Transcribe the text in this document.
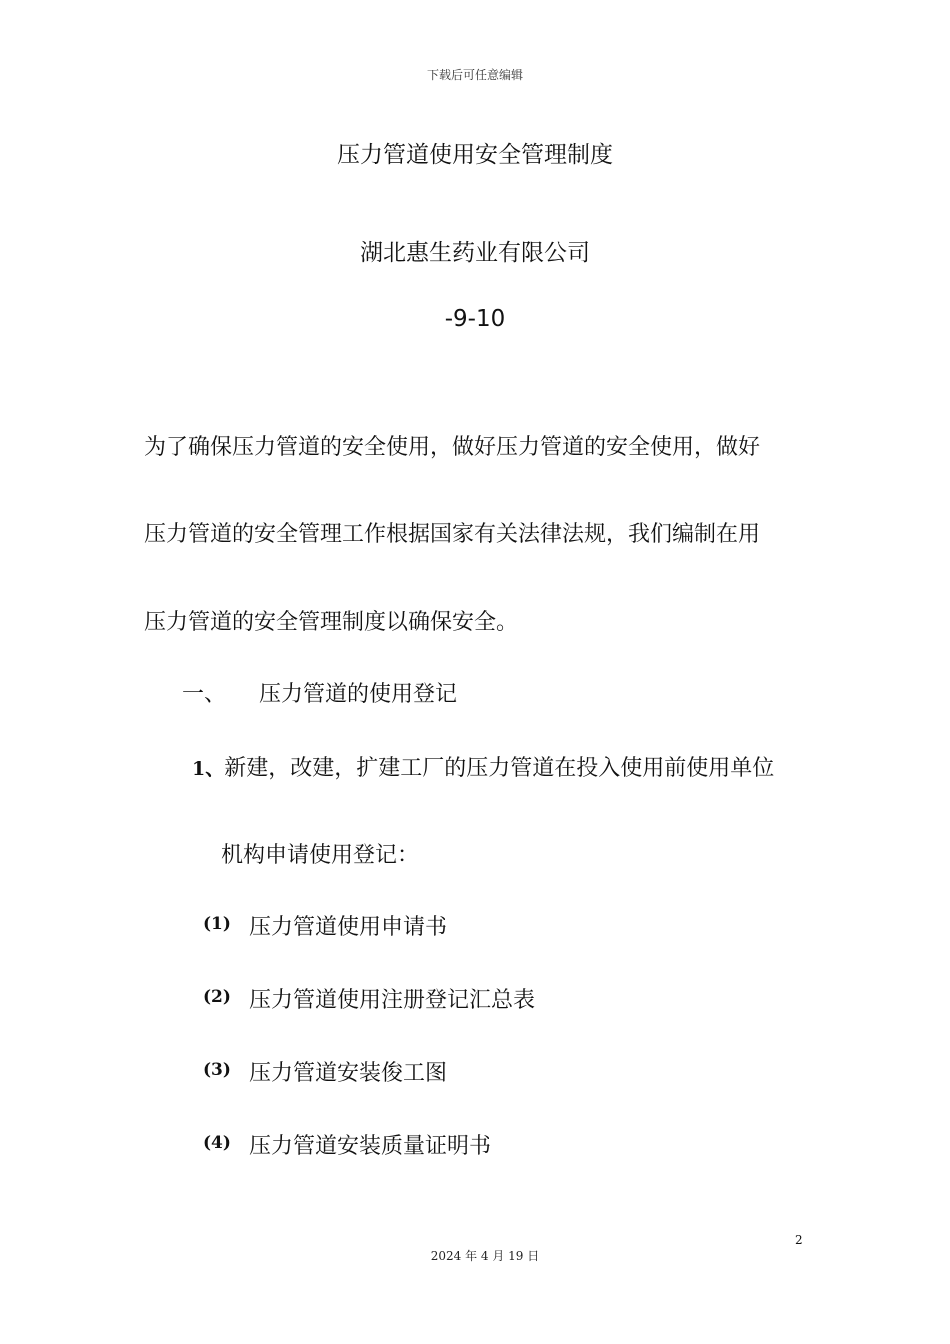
下载后可任意编辑
压力管道使用安全管理制度
湖北惠生药业有限公司
-9-10
为了确保压力管道的安全使用，做好压力管道的安全使用，做好
压力管道的安全管理工作根据国家有关法律法规，我们编制在用
压力管道的安全管理制度以确保安全。
一、 压力管道的使用登记
1、新建，改建，扩建工厂的压力管道在投入使用前使用单位
机构申请使用登记：
(1) 压力管道使用申请书
(2) 压力管道使用注册登记汇总表
(3) 压力管道安装俊工图
(4) 压力管道安装质量证明书
2
2024 年 4 月 19 日
